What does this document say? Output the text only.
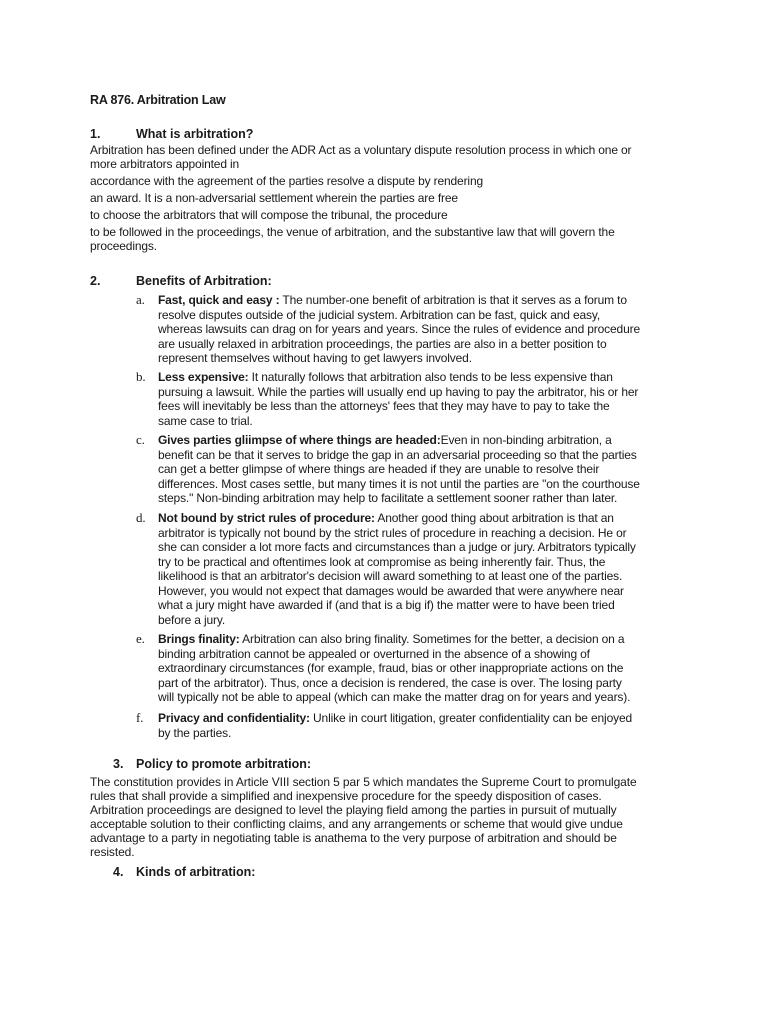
RA 876. Arbitration Law
1.	What is arbitration?
Arbitration has been defined under the ADR Act as a voluntary dispute resolution process in which one or
more arbitrators appointed in
accordance with the agreement of the parties resolve a dispute by rendering
an award. It is a non-adversarial settlement wherein the parties are free
to choose the arbitrators that will compose the tribunal, the procedure
to be followed in the proceedings, the venue of arbitration, and the substantive law that will govern the
proceedings.
2.	Benefits of Arbitration:
a.	Fast, quick and easy : The number-one benefit of arbitration is that it serves as a forum to
resolve disputes outside of the judicial system. Arbitration can be fast, quick and easy,
whereas lawsuits can drag on for years and years. Since the rules of evidence and procedure
are usually relaxed in arbitration proceedings, the parties are also in a better position to
represent themselves without having to get lawyers involved.
b.	Less expensive: It naturally follows that arbitration also tends to be less expensive than
pursuing a lawsuit. While the parties will usually end up having to pay the arbitrator, his or her
fees will inevitably be less than the attorneys' fees that they may have to pay to take the
same case to trial.
c.	Gives parties gliimpse of where things are headed:Even in non-binding arbitration, a
benefit can be that it serves to bridge the gap in an adversarial proceeding so that the parties
can get a better glimpse of where things are headed if they are unable to resolve their
differences. Most cases settle, but many times it is not until the parties are "on the courthouse
steps." Non-binding arbitration may help to facilitate a settlement sooner rather than later.
d.	Not bound by strict rules of procedure: Another good thing about arbitration is that an
arbitrator is typically not bound by the strict rules of procedure in reaching a decision. He or
she can consider a lot more facts and circumstances than a judge or jury. Arbitrators typically
try to be practical and oftentimes look at compromise as being inherently fair. Thus, the
likelihood is that an arbitrator's decision will award something to at least one of the parties.
However, you would not expect that damages would be awarded that were anywhere near
what a jury might have awarded if (and that is a big if) the matter were to have been tried
before a jury.
e.	Brings finality: Arbitration can also bring finality. Sometimes for the better, a decision on a
binding arbitration cannot be appealed or overturned in the absence of a showing of
extraordinary circumstances (for example, fraud, bias or other inappropriate actions on the
part of the arbitrator). Thus, once a decision is rendered, the case is over. The losing party
will typically not be able to appeal (which can make the matter drag on for years and years).
f.	Privacy and confidentiality: Unlike in court litigation, greater confidentiality can be enjoyed
by the parties.
3. Policy to promote arbitration:
The constitution provides in Article VIII section 5 par 5 which mandates the Supreme Court to promulgate
rules that shall provide a simplified and inexpensive procedure for the speedy disposition of cases.
Arbitration proceedings are designed to level the playing field among the parties in pursuit of mutually
acceptable solution to their conflicting claims, and any arrangements or scheme that would give undue
advantage to a party in negotiating table is anathema to the very purpose of arbitration and should be
resisted.
4. Kinds of arbitration:
